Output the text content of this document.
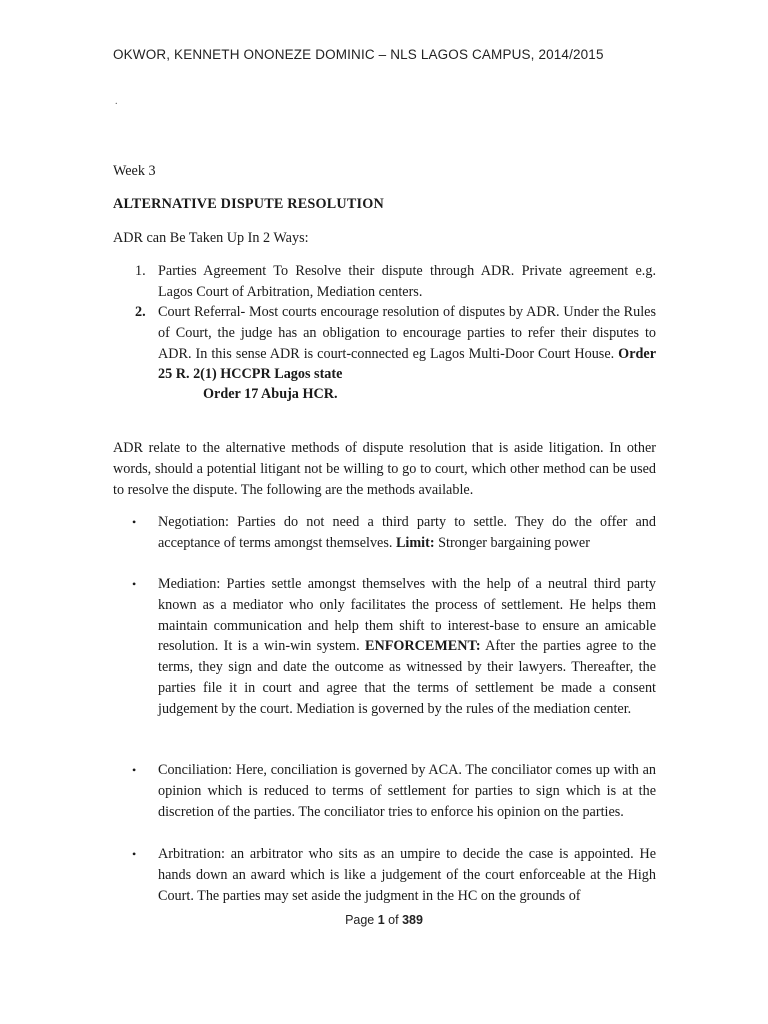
OKWOR, KENNETH ONONEZE DOMINIC – NLS LAGOS CAMPUS, 2014/2015
.
Week 3
ALTERNATIVE DISPUTE RESOLUTION
ADR can Be Taken Up In 2 Ways:
1. Parties Agreement To Resolve their dispute through ADR. Private agreement e.g. Lagos Court of Arbitration, Mediation centers.
2. Court Referral- Most courts encourage resolution of disputes by ADR. Under the Rules of Court, the judge has an obligation to encourage parties to refer their disputes to ADR. In this sense ADR is court-connected eg Lagos Multi-Door Court House. Order 25 R. 2(1) HCCPR Lagos state
Order 17 Abuja HCR.
ADR relate to the alternative methods of dispute resolution that is aside litigation. In other words, should a potential litigant not be willing to go to court, which other method can be used to resolve the dispute. The following are the methods available.
• Negotiation: Parties do not need a third party to settle. They do the offer and acceptance of terms amongst themselves. Limit: Stronger bargaining power
• Mediation: Parties settle amongst themselves with the help of a neutral third party known as a mediator who only facilitates the process of settlement. He helps them maintain communication and help them shift to interest-base to ensure an amicable resolution. It is a win-win system. ENFORCEMENT: After the parties agree to the terms, they sign and date the outcome as witnessed by their lawyers. Thereafter, the parties file it in court and agree that the terms of settlement be made a consent judgement by the court. Mediation is governed by the rules of the mediation center.
• Conciliation: Here, conciliation is governed by ACA. The conciliator comes up with an opinion which is reduced to terms of settlement for parties to sign which is at the discretion of the parties. The conciliator tries to enforce his opinion on the parties.
• Arbitration: an arbitrator who sits as an umpire to decide the case is appointed. He hands down an award which is like a judgement of the court enforceable at the High Court. The parties may set aside the judgment in the HC on the grounds of
Page 1 of 389
